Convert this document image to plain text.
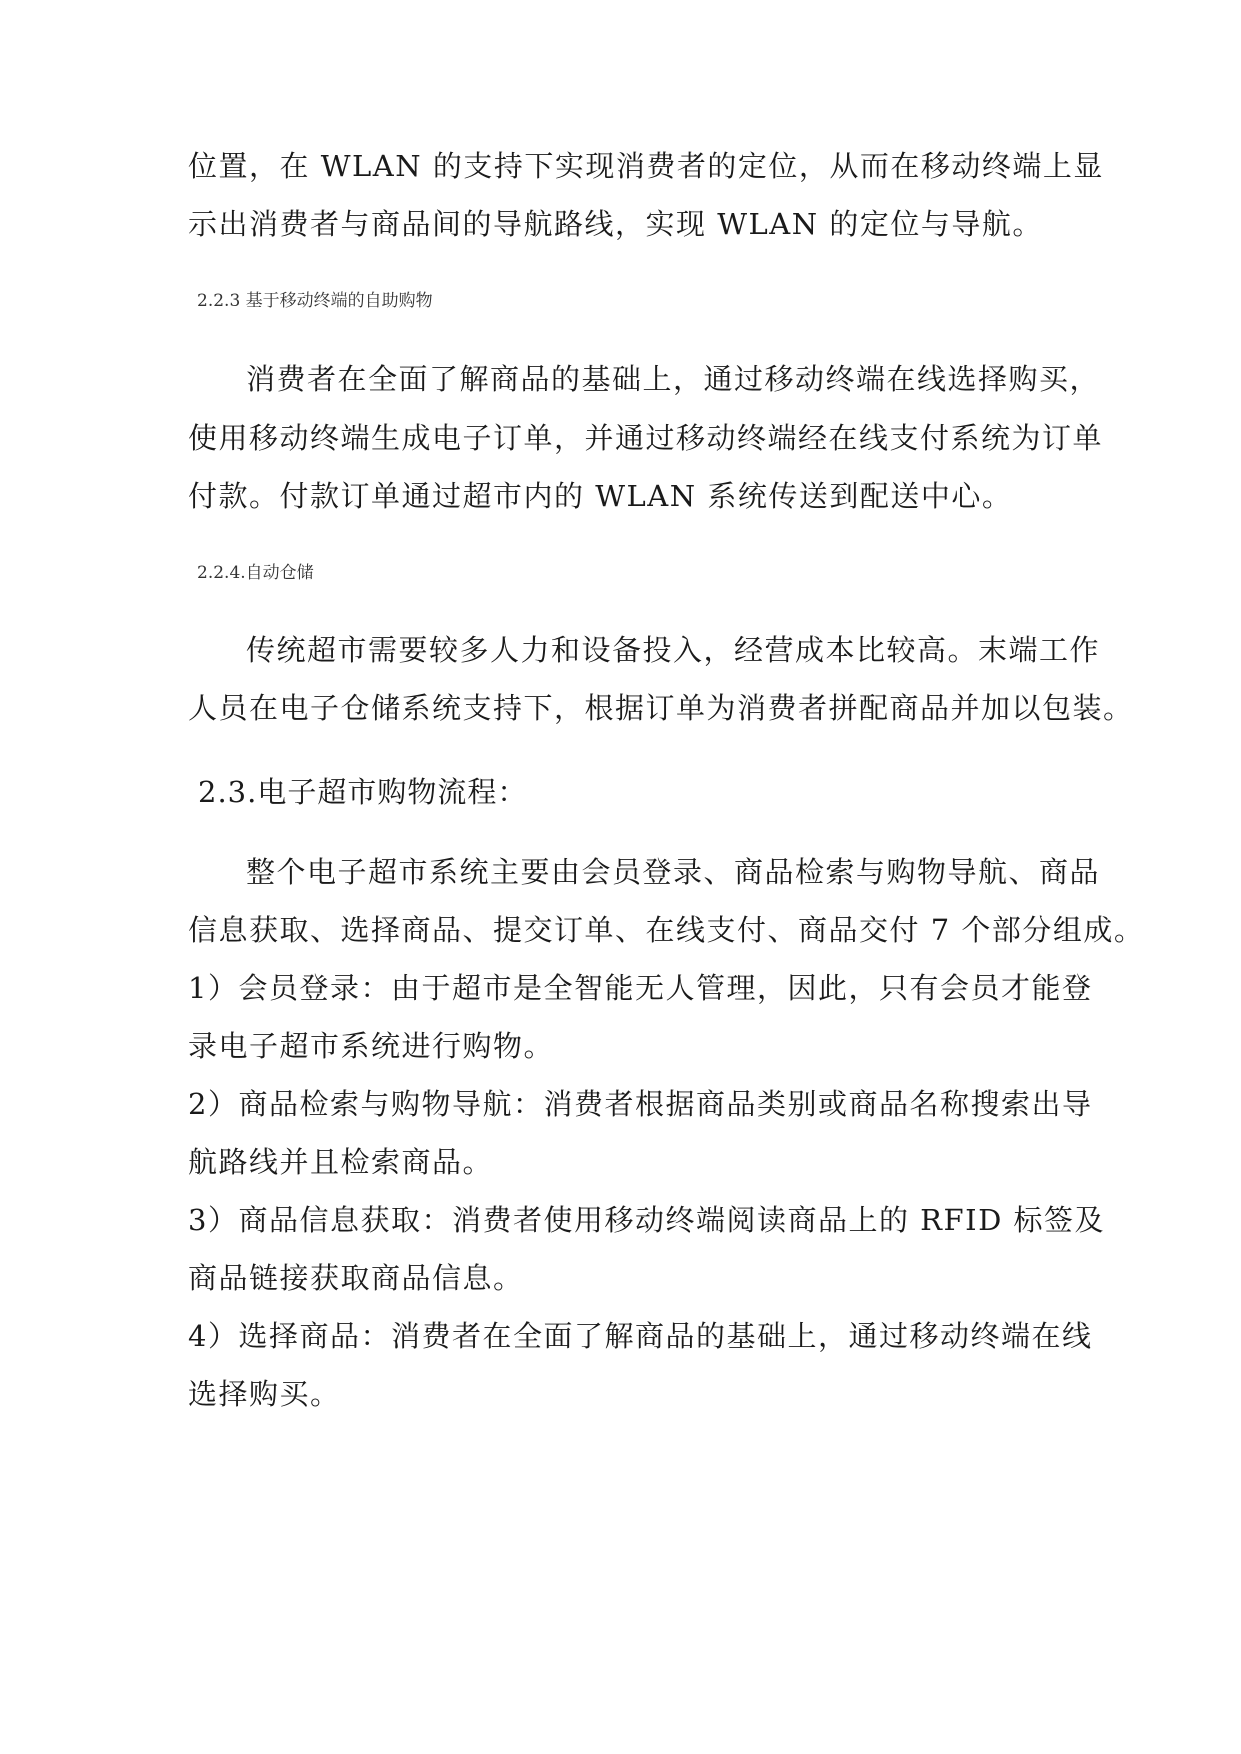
位置，在 WLAN 的支持下实现消费者的定位，从而在移动终端上显
示出消费者与商品间的导航路线，实现 WLAN 的定位与导航。
2.2.3 基于移动终端的自助购物
消费者在全面了解商品的基础上，通过移动终端在线选择购买，
使用移动终端生成电子订单，并通过移动终端经在线支付系统为订单
付款。付款订单通过超市内的 WLAN 系统传送到配送中心。
2.2.4.自动仓储
传统超市需要较多人力和设备投入，经营成本比较高。末端工作
人员在电子仓储系统支持下，根据订单为消费者拼配商品并加以包装。
2.3.电子超市购物流程：
整个电子超市系统主要由会员登录、商品检索与购物导航、商品
信息获取、选择商品、提交订单、在线支付、商品交付 7 个部分组成。
1）会员登录：由于超市是全智能无人管理，因此，只有会员才能登
录电子超市系统进行购物。
2）商品检索与购物导航：消费者根据商品类别或商品名称搜索出导
航路线并且检索商品。
3）商品信息获取：消费者使用移动终端阅读商品上的 RFID 标签及
商品链接获取商品信息。
4）选择商品：消费者在全面了解商品的基础上，通过移动终端在线
选择购买。
